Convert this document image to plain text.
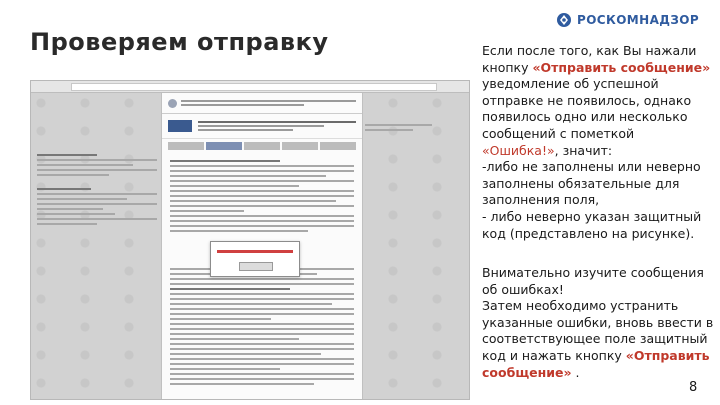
Проверяем отправку
РОСКОМНАДЗОР
Если после того, как Вы нажали кнопку «Отправить сообщение» уведомление об успешной отправке не появилось, однако появилось одно или несколько сообщений с пометкой «Ошибка!», значит:
-либо не заполнены или неверно заполнены обязательные для заполнения поля,
- либо неверно указан защитный код (представлено на рисунке).
Внимательно изучите сообщения об ошибках!
Затем необходимо устранить указанные ошибки, вновь ввести в соответствующее поле защитный код и нажать кнопку «Отправить сообщение» .
8
